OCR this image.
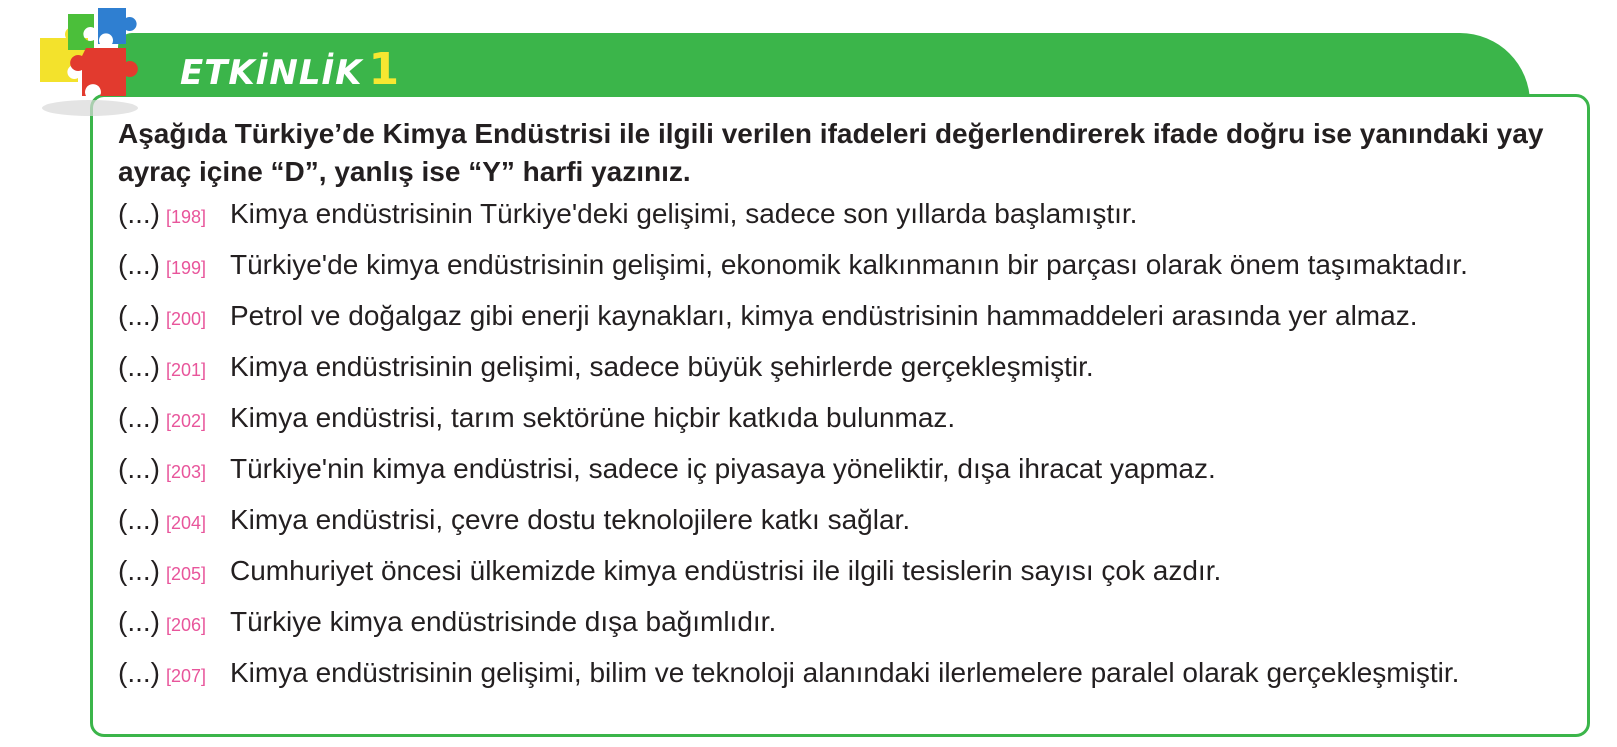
ETKİNLİK 1
Aşağıda Türkiye’de Kimya Endüstrisi ile ilgili verilen ifadeleri değerlendirerek ifade doğru ise yanındaki yay ayraç içine “D”, yanlış ise “Y” harfi yazınız.
(...) [198] Kimya endüstrisinin Türkiye'deki gelişimi, sadece son yıllarda başlamıştır.
(...) [199] Türkiye'de kimya endüstrisinin gelişimi, ekonomik kalkınmanın bir parçası olarak önem taşımaktadır.
(...) [200] Petrol ve doğalgaz gibi enerji kaynakları, kimya endüstrisinin hammaddeleri arasında yer almaz.
(...) [201] Kimya endüstrisinin gelişimi, sadece büyük şehirlerde gerçekleşmiştir.
(...) [202] Kimya endüstrisi, tarım sektörüne hiçbir katkıda bulunmaz.
(...) [203] Türkiye'nin kimya endüstrisi, sadece iç piyasaya yöneliktir, dışa ihracat yapmaz.
(...) [204] Kimya endüstrisi, çevre dostu teknolojilere katkı sağlar.
(...) [205] Cumhuriyet öncesi ülkemizde kimya endüstrisi ile ilgili tesislerin sayısı çok azdır.
(...) [206] Türkiye kimya endüstrisinde dışa bağımlıdır.
(...) [207] Kimya endüstrisinin gelişimi, bilim ve teknoloji alanındaki ilerlemelere paralel olarak gerçekleşmiştir.
